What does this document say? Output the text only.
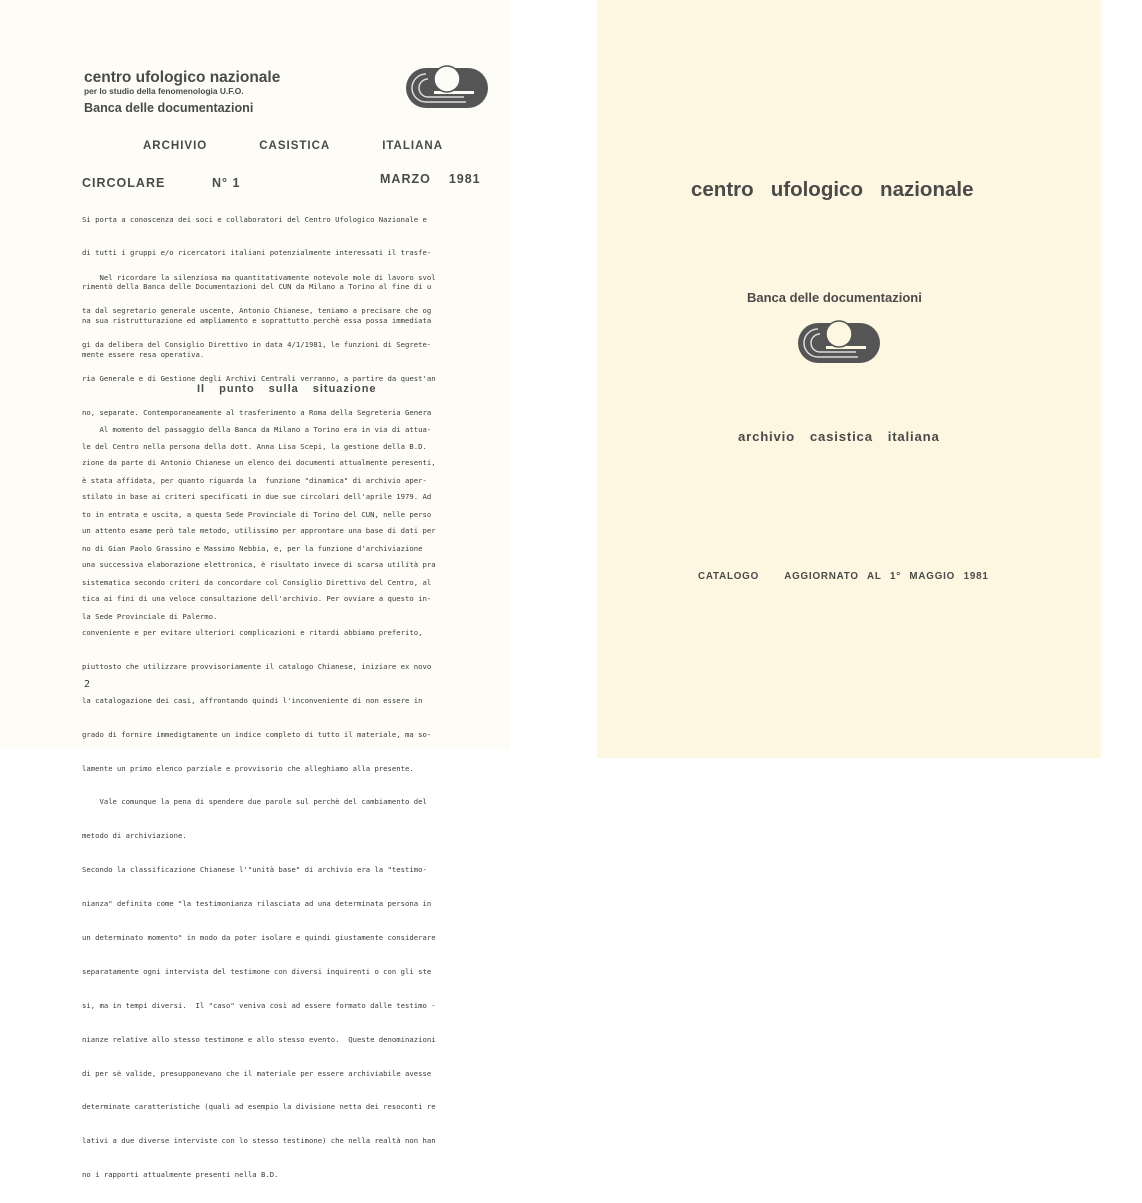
centro ufologico nazionale
per lo studio della fenomenologia U.F.O.
Banca delle documentazioni
ARCHIVIO	CASISTICA	ITALIANA
CIRCOLARE	N° 1	MARZO 1981

Si porta a conoscenza dei soci e collaboratori del Centro Ufologico Nazionale e

di tutti i gruppi e/o ricercatori italiani potenzialmente interessati il trasfe-

rimentò della Banca delle Documentazioni del CUN da Milano a Torino al fine di u

na sua ristrutturazione ed ampliamento e soprattutto perchè essa possa immediata

mente essere resa operativa.

Nel ricordare la silenziosa ma quantitativamente notevole mole di lavoro svol

ta dal segretario generale uscente, Antonio Chianese, teniamo a precisare che og

gi da delibera del Consiglio Direttivo in data 4/1/1981, le funzioni di Segrete-

ria Generale e di Gestione degli Archivi Centrali verranno, a partire da quest'an

no, separate. Contemporaneamente al trasferimento a Roma della Segreteria Genera

le del Centro nella persona della dott. Anna Lisa Scepi, la gestione della B.D.

è stata affidata, per quanto riguarda la  funzione "dinamica" di archivio aper-

to in entrata e uscita, a questa Sede Provinciale di Torino del CUN, nelle perso

no di Gian Paolo Grassino e Massimo Nebbia, e, per la funzione d'archiviazione

sistematica secondo criteri da concordare col Consiglio Direttivo del Centro, al

la Sede Provinciale di Palermo.

Il punto sulla situazione

Al momento del passaggio della Banca da Milano a Torino era in via di attua-

zione da parte di Antonio Chianese un elenco dei documenti attualmente peresenti,

stilato in base ai criteri specificati in due sue circolari dell'aprile 1979. Ad

un attento esame però tale metodo, utilissimo per approntare una base di dati per

una successiva elaborazione elettronica, è risultato invece di scarsa utilità pra

tica ai fini di una veloce consultazione dell'archivio. Per ovviare a questo in-

conveniente e per evitare ulteriori complicazioni e ritardi abbiamo preferito,

piuttosto che utilizzare provvisoriamente il catalogo Chianese, iniziare ex novo

la catalogazione dei casi, affrontando quindi l'inconveniente di non essere in

grado di fornire immedigtamente un indice completo di tutto il materiale, ma so-

lamente un primo elenco parziale e provvisorio che alleghiamo alla presente.

Vale comunque la pena di spendere due parole sul perchè del cambiamento del

metodo di archiviazione.

Secondo la classificazione Chianese l'"unità base" di archivio era la "testimo-

nianza" definita come "la testimonianza rilasciata ad una determinata persona in

un determinato momento" in modo da poter isolare e quindi giustamente considerare

separatamente ogni intervista del testimone con diversi inquirenti o con gli ste

si, ma in tempi diversi.  Il "caso" veniva così ad essere formato dalle testimo -

nianze relative allo stesso testimone e allo stesso evento.  Queste denominazioni

di per sè valide, presupponevano che il materiale per essere archiviabile avesse

determinate caratteristiche (quali ad esempio la divisione netta dei resoconti re

lativi a due diverse interviste con lo stesso testimone) che nella realtà non han

no i rapporti attualmente presenti nella B.D.

2
centro   ufologico   nazionale
Banca delle documentazioni
archivio  casistica  italiana
CATALOGO   AGGIORNATO AL 1° MAGGIO 1981
